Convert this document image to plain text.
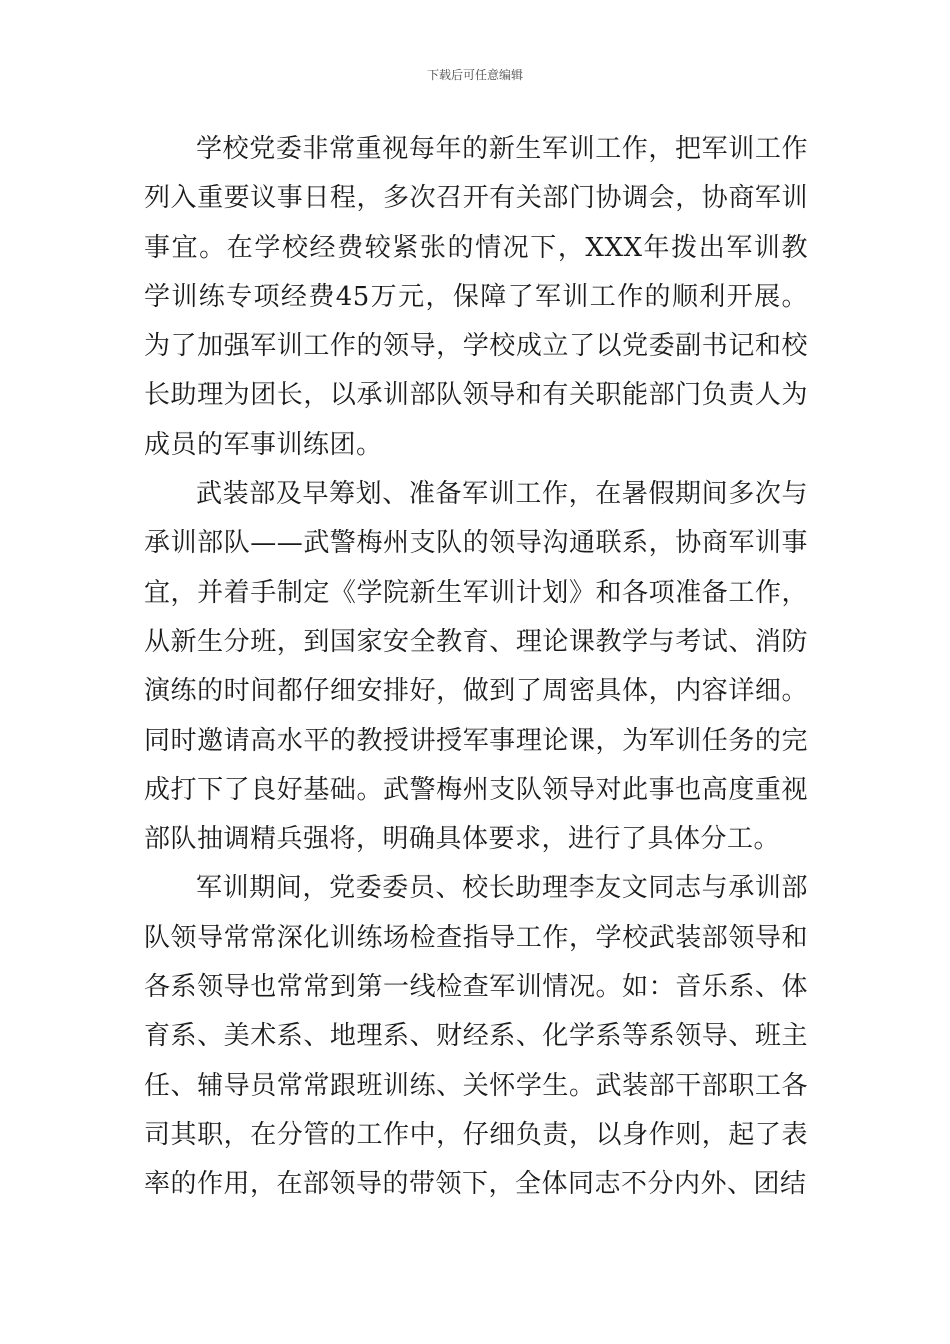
下载后可任意编辑

学校党委非常重视每年的新生军训工作，把军训工作列入重要议事日程，多次召开有关部门协调会，协商军训事宜。在学校经费较紧张的情况下，XXX年拨出军训教学训练专项经费45万元，保障了军训工作的顺利开展。为了加强军训工作的领导，学校成立了以党委副书记和校长助理为团长，以承训部队领导和有关职能部门负责人为成员的军事训练团。

武装部及早筹划、准备军训工作，在暑假期间多次与承训部队——武警梅州支队的领导沟通联系，协商军训事宜，并着手制定《学院新生军训计划》和各项准备工作，从新生分班，到国家安全教育、理论课教学与考试、消防演练的时间都仔细安排好，做到了周密具体，内容详细。同时邀请高水平的教授讲授军事理论课，为军训任务的完成打下了良好基础。武警梅州支队领导对此事也高度重视部队抽调精兵强将，明确具体要求，进行了具体分工。

军训期间，党委委员、校长助理李友文同志与承训部队领导常常深化训练场检查指导工作，学校武装部领导和各系领导也常常到第一线检查军训情况。如：音乐系、体育系、美术系、地理系、财经系、化学系等系领导、班主任、辅导员常常跟班训练、关怀学生。武装部干部职工各司其职，在分管的工作中，仔细负责，以身作则，起了表率的作用，在部领导的带领下，全体同志不分内外、团结
